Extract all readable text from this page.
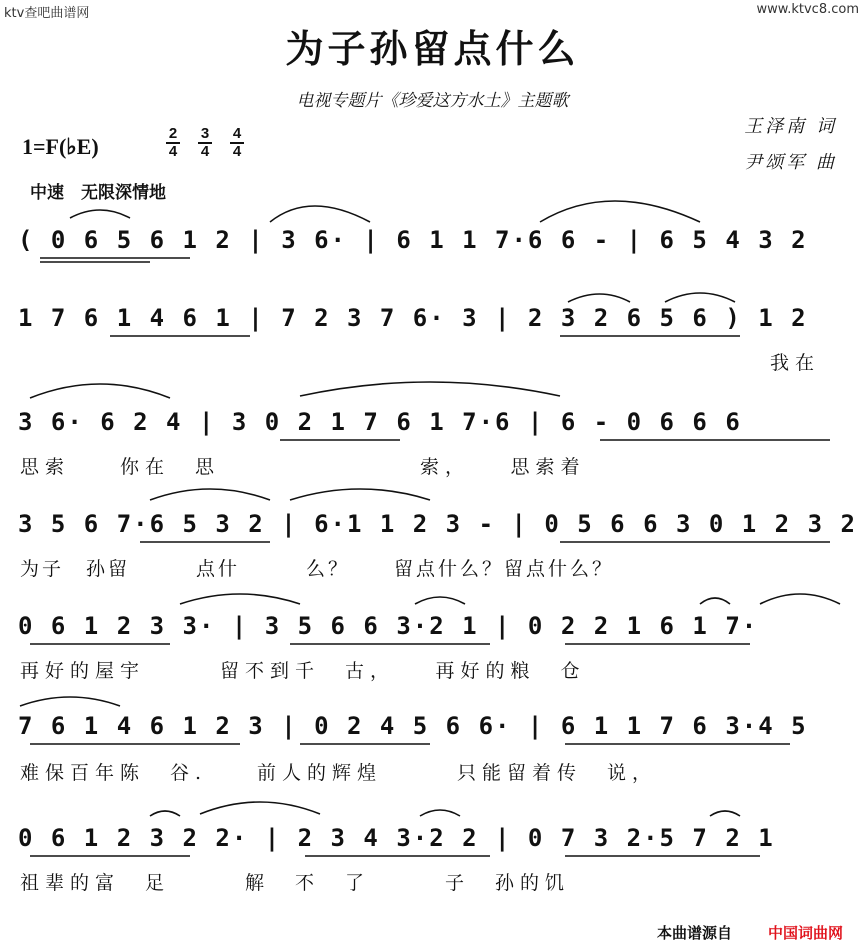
ktv查吧曲谱网	www.ktvc8.com
为子孙留点什么
电视专题片《珍爱这方水土》主题歌
王泽南 词
尹颂军 曲
1=F(♭E)
2
4
3
4
4
4
中速　无限深情地
( 0 6 5 6 1 2 | 3 6· | 6 1 1 7·6 6 - | 6 5 4 3 2
1 7 6 1 4 6 1 | 7 2 3 7 6· 3 | 2 3 2 6 5 6 ) 1 2
我在
3 6· 6 2 4 | 3 0 2 1 7 6 1 7·6 | 6 - 0 6 6 6
思索　　你在　思　　　　　　　　索，　　思索着
3 5 6 7·6 5 3 2 | 6·1 1 2 3 - | 0 5 6 6 3 0 1 2 3 2
为子　孙留　　　点什　　　么？　　留点什么？留点什么？
0 6 1 2 3 3· | 3 5 6 6 3·2 1 | 0 2 2 1 6 1 7·
再好的屋宇　　　留不到千　古，　　再好的粮　仓
7 6 1 4 6 1 2 3 | 0 2 4 5 6 6· | 6 1 1 7 6 3·4 5
难保百年陈　谷.　　前人的辉煌　　　只能留着传　说，
0 6 1 2 3 2 2· | 2 3 4 3·2 2 | 0 7 3 2·5 7 2 1
祖辈的富　足　　　解　不　了　　　子　孙的饥
本曲谱源自 中国词曲网
